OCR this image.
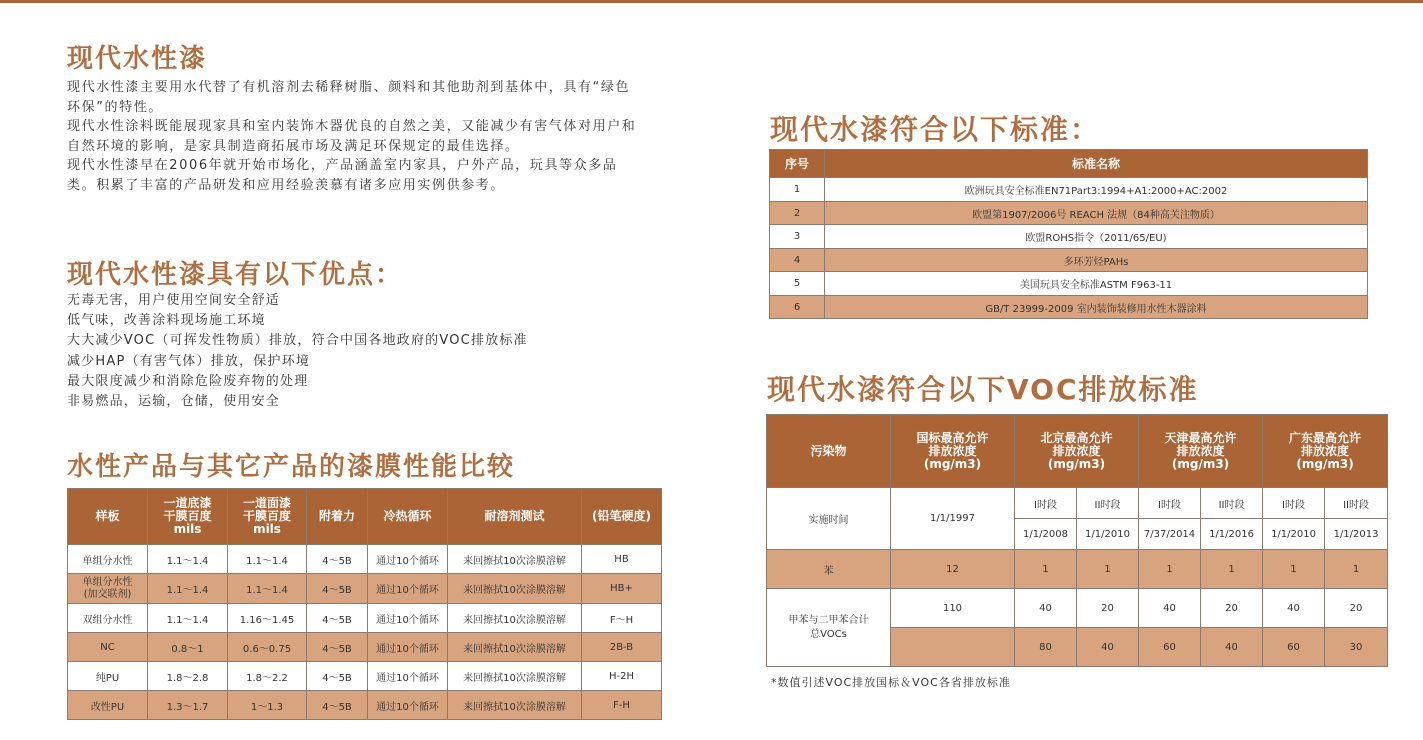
现代水性漆

现代水性漆主要用水代替了有机溶剂去稀释树脂、颜料和其他助剂到基体中，具有“绿色环保”的特性。

现代水性涂料既能展现家具和室内装饰木器优良的自然之美，又能减少有害气体对用户和自然环境的影响，是家具制造商拓展市场及满足环保规定的最佳选择。

现代水性漆早在2006年就开始市场化，产品涵盖室内家具，户外产品，玩具等众多品类。积累了丰富的产品研发和应用经验羡慕有诸多应用实例供参考。

现代水性漆具有以下优点：
无毒无害，用户使用空间安全舒适
低气味，改善涂料现场施工环境
大大减少VOC（可挥发性物质）排放，符合中国各地政府的VOC排放标准
减少HAP（有害气体）排放，保护环境
最大限度减少和消除危险废弃物的处理
非易燃品，运输，仓储，使用安全
水性产品与其它产品的漆膜性能比较
样板	一道底漆
干膜百度
mils	一道面漆
干膜百度
mils	附着力	冷热循环	耐溶剂测试	(铅笔硬度)
单组分水性	1.1～1.4	1.1～1.4	4～5B	通过10个循环	来回擦拭10次涂膜溶解	HB
单组分水性
(加交联剂)	1.1～1.4	1.1～1.4	4～5B	通过10个循环	来回擦拭10次涂膜溶解	HB+
双组分水性	1.1～1.4	1.16～1.45	4～5B	通过10个循环	来回擦拭10次涂膜溶解	F～H
NC	0.8～1	0.6～0.75	4～5B	通过10个循环	来回擦拭10次涂膜溶解	2B-B
纯PU	1.8～2.8	1.8～2.2	4～5B	通过10个循环	来回擦拭10次涂膜溶解	H-2H
改性PU	1.3～1.7	1～1.3	4～5B	通过10个循环	来回擦拭10次涂膜溶解	F-H
现代水漆符合以下标准：
序号	标准名称
1	欧洲玩具安全标准EN71Part3:1994+A1:2000+AC:2002
2	欧盟第1907/2006号 REACH 法规（84种高关注物质）
3	欧盟ROHS指令（2011/65/EU)
4	多环芳烃PAHs
5	美国玩具安全标准ASTM F963-11
6	GB/T 23999-2009 室内装饰装修用水性木器涂料
现代水漆符合以下VOC排放标准
污染物	国标最高允许
排放浓度
(mg/m3)	北京最高允许
排放浓度
(mg/m3)		天津最高允许
排放浓度
(mg/m3)		广东最高允许
排放浓度
(mg/m3)	
实施时间	1/1/1997	I时段	II时段	I时段	II时段	I时段	II时段
		1/1/2008	1/1/2010	7/37/2014	1/1/2016	1/1/2010	1/1/2013
苯	12	1	1	1	1	1	1
甲苯与二甲苯合计
总VOCs	110	40	20	40	20	40	20
		80	40	60	40	60	30
*数值引述VOC排放国标＆VOC各省排放标准
